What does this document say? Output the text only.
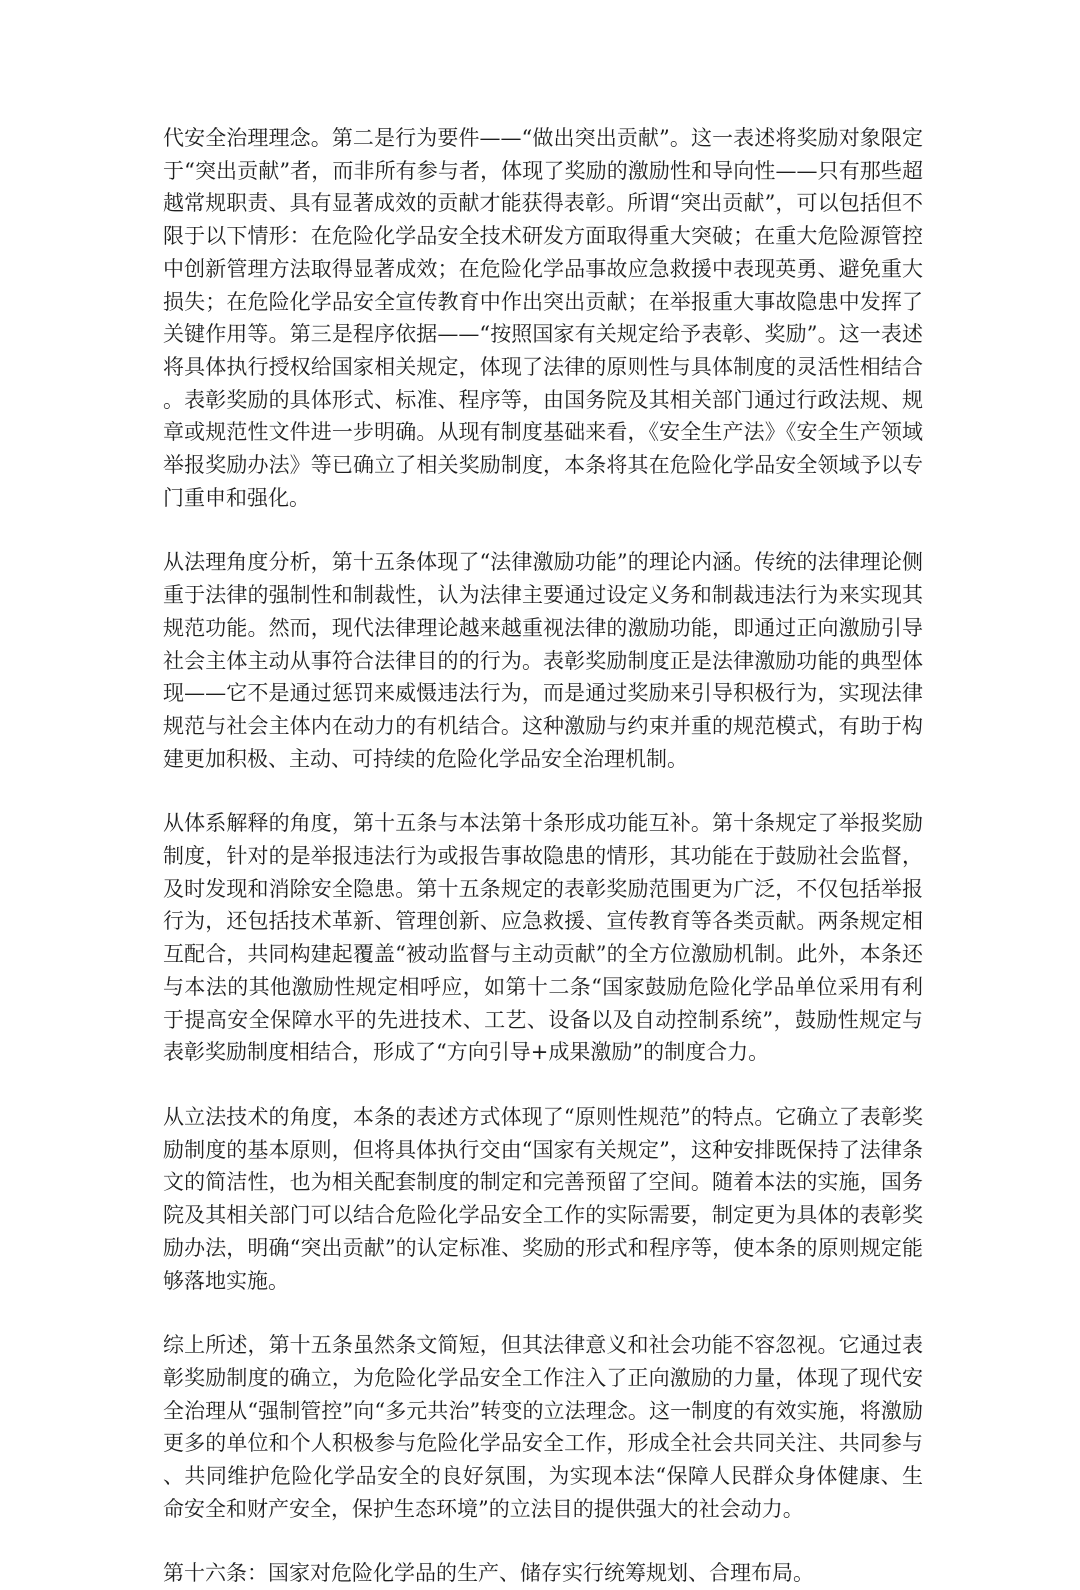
代安全治理理念。第二是行为要件——“做出突出贡献”。这一表述将奖励对象限定于“突出贡献”者，而非所有参与者，体现了奖励的激励性和导向性——只有那些超越常规职责、具有显著成效的贡献才能获得表彰。所谓“突出贡献”，可以包括但不限于以下情形：在危险化学品安全技术研发方面取得重大突破；在重大危险源管控中创新管理方法取得显著成效；在危险化学品事故应急救援中表现英勇、避免重大损失；在危险化学品安全宣传教育中作出突出贡献；在举报重大事故隐患中发挥了关键作用等。第三是程序依据——“按照国家有关规定给予表彰、奖励”。这一表述将具体执行授权给国家相关规定，体现了法律的原则性与具体制度的灵活性相结合。表彰奖励的具体形式、标准、程序等，由国务院及其相关部门通过行政法规、规章或规范性文件进一步明确。从现有制度基础来看，《安全生产法》《安全生产领域举报奖励办法》等已确立了相关奖励制度，本条将其在危险化学品安全领域予以专门重申和强化。

从法理角度分析，第十五条体现了“法律激励功能”的理论内涵。传统的法律理论侧重于法律的强制性和制裁性，认为法律主要通过设定义务和制裁违法行为来实现其规范功能。然而，现代法律理论越来越重视法律的激励功能，即通过正向激励引导社会主体主动从事符合法律目的的行为。表彰奖励制度正是法律激励功能的典型体现——它不是通过惩罚来威慑违法行为，而是通过奖励来引导积极行为，实现法律规范与社会主体内在动力的有机结合。这种激励与约束并重的规范模式，有助于构建更加积极、主动、可持续的危险化学品安全治理机制。

从体系解释的角度，第十五条与本法第十条形成功能互补。第十条规定了举报奖励制度，针对的是举报违法行为或报告事故隐患的情形，其功能在于鼓励社会监督，及时发现和消除安全隐患。第十五条规定的表彰奖励范围更为广泛，不仅包括举报行为，还包括技术革新、管理创新、应急救援、宣传教育等各类贡献。两条规定相互配合，共同构建起覆盖“被动监督与主动贡献”的全方位激励机制。此外，本条还与本法的其他激励性规定相呼应，如第十二条“国家鼓励危险化学品单位采用有利于提高安全保障水平的先进技术、工艺、设备以及自动控制系统”，鼓励性规定与表彰奖励制度相结合，形成了“方向引导+成果激励”的制度合力。

从立法技术的角度，本条的表述方式体现了“原则性规范”的特点。它确立了表彰奖励制度的基本原则，但将具体执行交由“国家有关规定”，这种安排既保持了法律条文的简洁性，也为相关配套制度的制定和完善预留了空间。随着本法的实施，国务院及其相关部门可以结合危险化学品安全工作的实际需要，制定更为具体的表彰奖励办法，明确“突出贡献”的认定标准、奖励的形式和程序等，使本条的原则规定能够落地实施。

综上所述，第十五条虽然条文简短，但其法律意义和社会功能不容忽视。它通过表彰奖励制度的确立，为危险化学品安全工作注入了正向激励的力量，体现了现代安全治理从“强制管控”向“多元共治”转变的立法理念。这一制度的有效实施，将激励更多的单位和个人积极参与危险化学品安全工作，形成全社会共同关注、共同参与、共同维护危险化学品安全的良好氛围，为实现本法“保障人民群众身体健康、生命安全和财产安全，保护生态环境”的立法目的提供强大的社会动力。

第十六条：国家对危险化学品的生产、储存实行统筹规划、合理布局。
